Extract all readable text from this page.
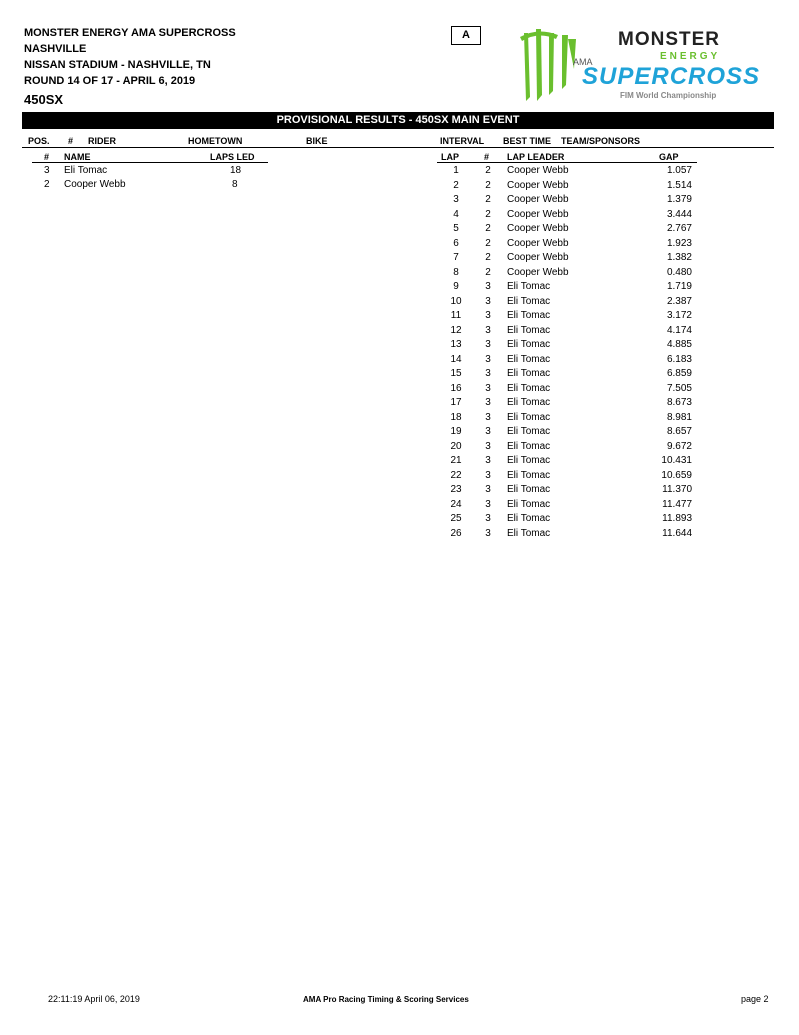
MONSTER ENERGY AMA SUPERCROSS
NASHVILLE
NISSAN STADIUM - NASHVILLE, TN
ROUND 14 OF 17 - APRIL 6, 2019
450SX
A	MONSTER
ENERGY
AMA
SUPERCROSS
FIM World Championship
PROVISIONAL RESULTS - 450SX MAIN EVENT
POS. # RIDER	HOMETOWN	BIKE	INTERVAL BEST TIME TEAM/SPONSORS
# NAME	LAPS LED
3 Eli Tomac	18
2 Cooper Webb	8
LAP	# LAP LEADER	GAP
1	2	Cooper Webb	1.057
2	2	Cooper Webb	1.514
3	2	Cooper Webb	1.379
4	2	Cooper Webb	3.444
5	2	Cooper Webb	2.767
6	2	Cooper Webb	1.923
7	2	Cooper Webb	1.382
8	2	Cooper Webb	0.480
9	3	Eli Tomac	1.719
10	3	Eli Tomac	2.387
11	3	Eli Tomac	3.172
12	3	Eli Tomac	4.174
13	3	Eli Tomac	4.885
14	3	Eli Tomac	6.183
15	3	Eli Tomac	6.859
16	3	Eli Tomac	7.505
17	3	Eli Tomac	8.673
18	3	Eli Tomac	8.981
19	3	Eli Tomac	8.657
20	3	Eli Tomac	9.672
21	3	Eli Tomac	10.431
22	3	Eli Tomac	10.659
23	3	Eli Tomac	11.370
24	3	Eli Tomac	11.477
25	3	Eli Tomac	11.893
26	3	Eli Tomac	11.644
22:11:19 April 06, 2019	AMA Pro Racing Timing & Scoring Services	page 2
